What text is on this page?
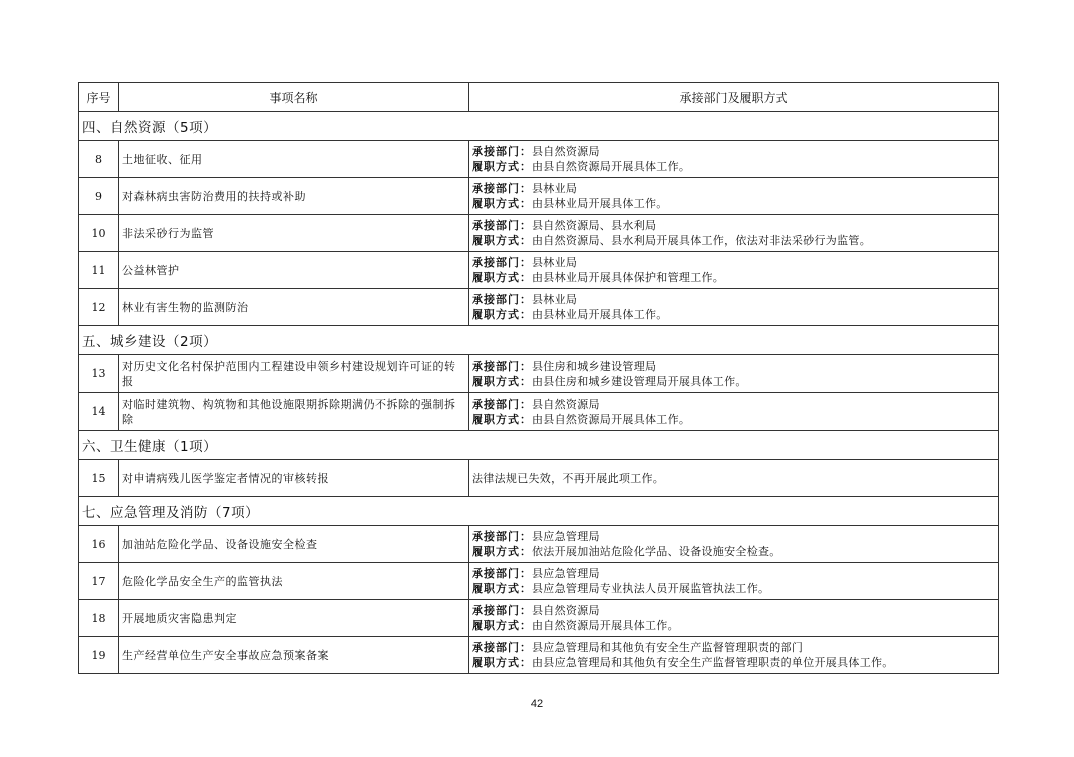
序号	事项名称	承接部门及履职方式
四、自然资源（5项）		
8	土地征收、征用	承接部门：县自然资源局
履职方式：由县自然资源局开展具体工作。

9	对森林病虫害防治费用的扶持或补助	承接部门：县林业局
履职方式：由县林业局开展具体工作。

10	非法采砂行为监管	承接部门：县自然资源局、县水利局
履职方式：由自然资源局、县水利局开展具体工作，依法对非法采砂行为监管。

11	公益林管护	承接部门：县林业局
履职方式：由县林业局开展具体保护和管理工作。

12	林业有害生物的监测防治	承接部门：县林业局
履职方式：由县林业局开展具体工作。

五、城乡建设（2项）		
13	对历史文化名村保护范围内工程建设申领乡村建设规划许可证的转报	承接部门：县住房和城乡建设管理局
履职方式：由县住房和城乡建设管理局开展具体工作。

14	对临时建筑物、构筑物和其他设施限期拆除期满仍不拆除的强制拆除	承接部门：县自然资源局
履职方式：由县自然资源局开展具体工作。

六、卫生健康（1项）		
15	对申请病残儿医学鉴定者情况的审核转报	法律法规已失效，不再开展此项工作。
七、应急管理及消防（7项）		
16	加油站危险化学品、设备设施安全检查	承接部门：县应急管理局
履职方式：依法开展加油站危险化学品、设备设施安全检查。

17	危险化学品安全生产的监管执法	承接部门：县应急管理局
履职方式：县应急管理局专业执法人员开展监管执法工作。

18	开展地质灾害隐患判定	承接部门：县自然资源局
履职方式：由自然资源局开展具体工作。

19	生产经营单位生产安全事故应急预案备案	承接部门：县应急管理局和其他负有安全生产监督管理职责的部门
履职方式：由县应急管理局和其他负有安全生产监督管理职责的单位开展具体工作。
42
